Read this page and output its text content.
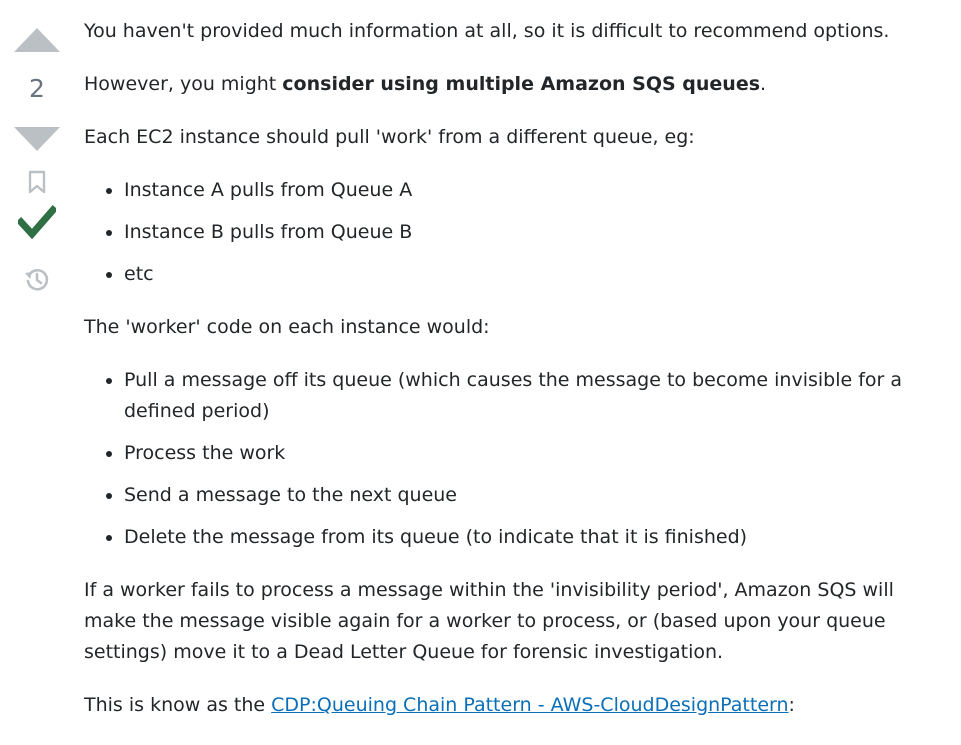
2

You haven't provided much information at all, so it is difficult to recommend options.

However, you might consider using multiple Amazon SQS queues.

Each EC2 instance should pull 'work' from a different queue, eg:

• Instance A pulls from Queue A
• Instance B pulls from Queue B
• etc

The 'worker' code on each instance would:

• Pull a message off its queue (which causes the message to become invisible for a defined period)
• Process the work
• Send a message to the next queue
• Delete the message from its queue (to indicate that it is finished)

If a worker fails to process a message within the 'invisibility period', Amazon SQS will make the message visible again for a worker to process, or (based upon your queue settings) move it to a Dead Letter Queue for forensic investigation.

This is know as the CDP:Queuing Chain Pattern - AWS-CloudDesignPattern:
